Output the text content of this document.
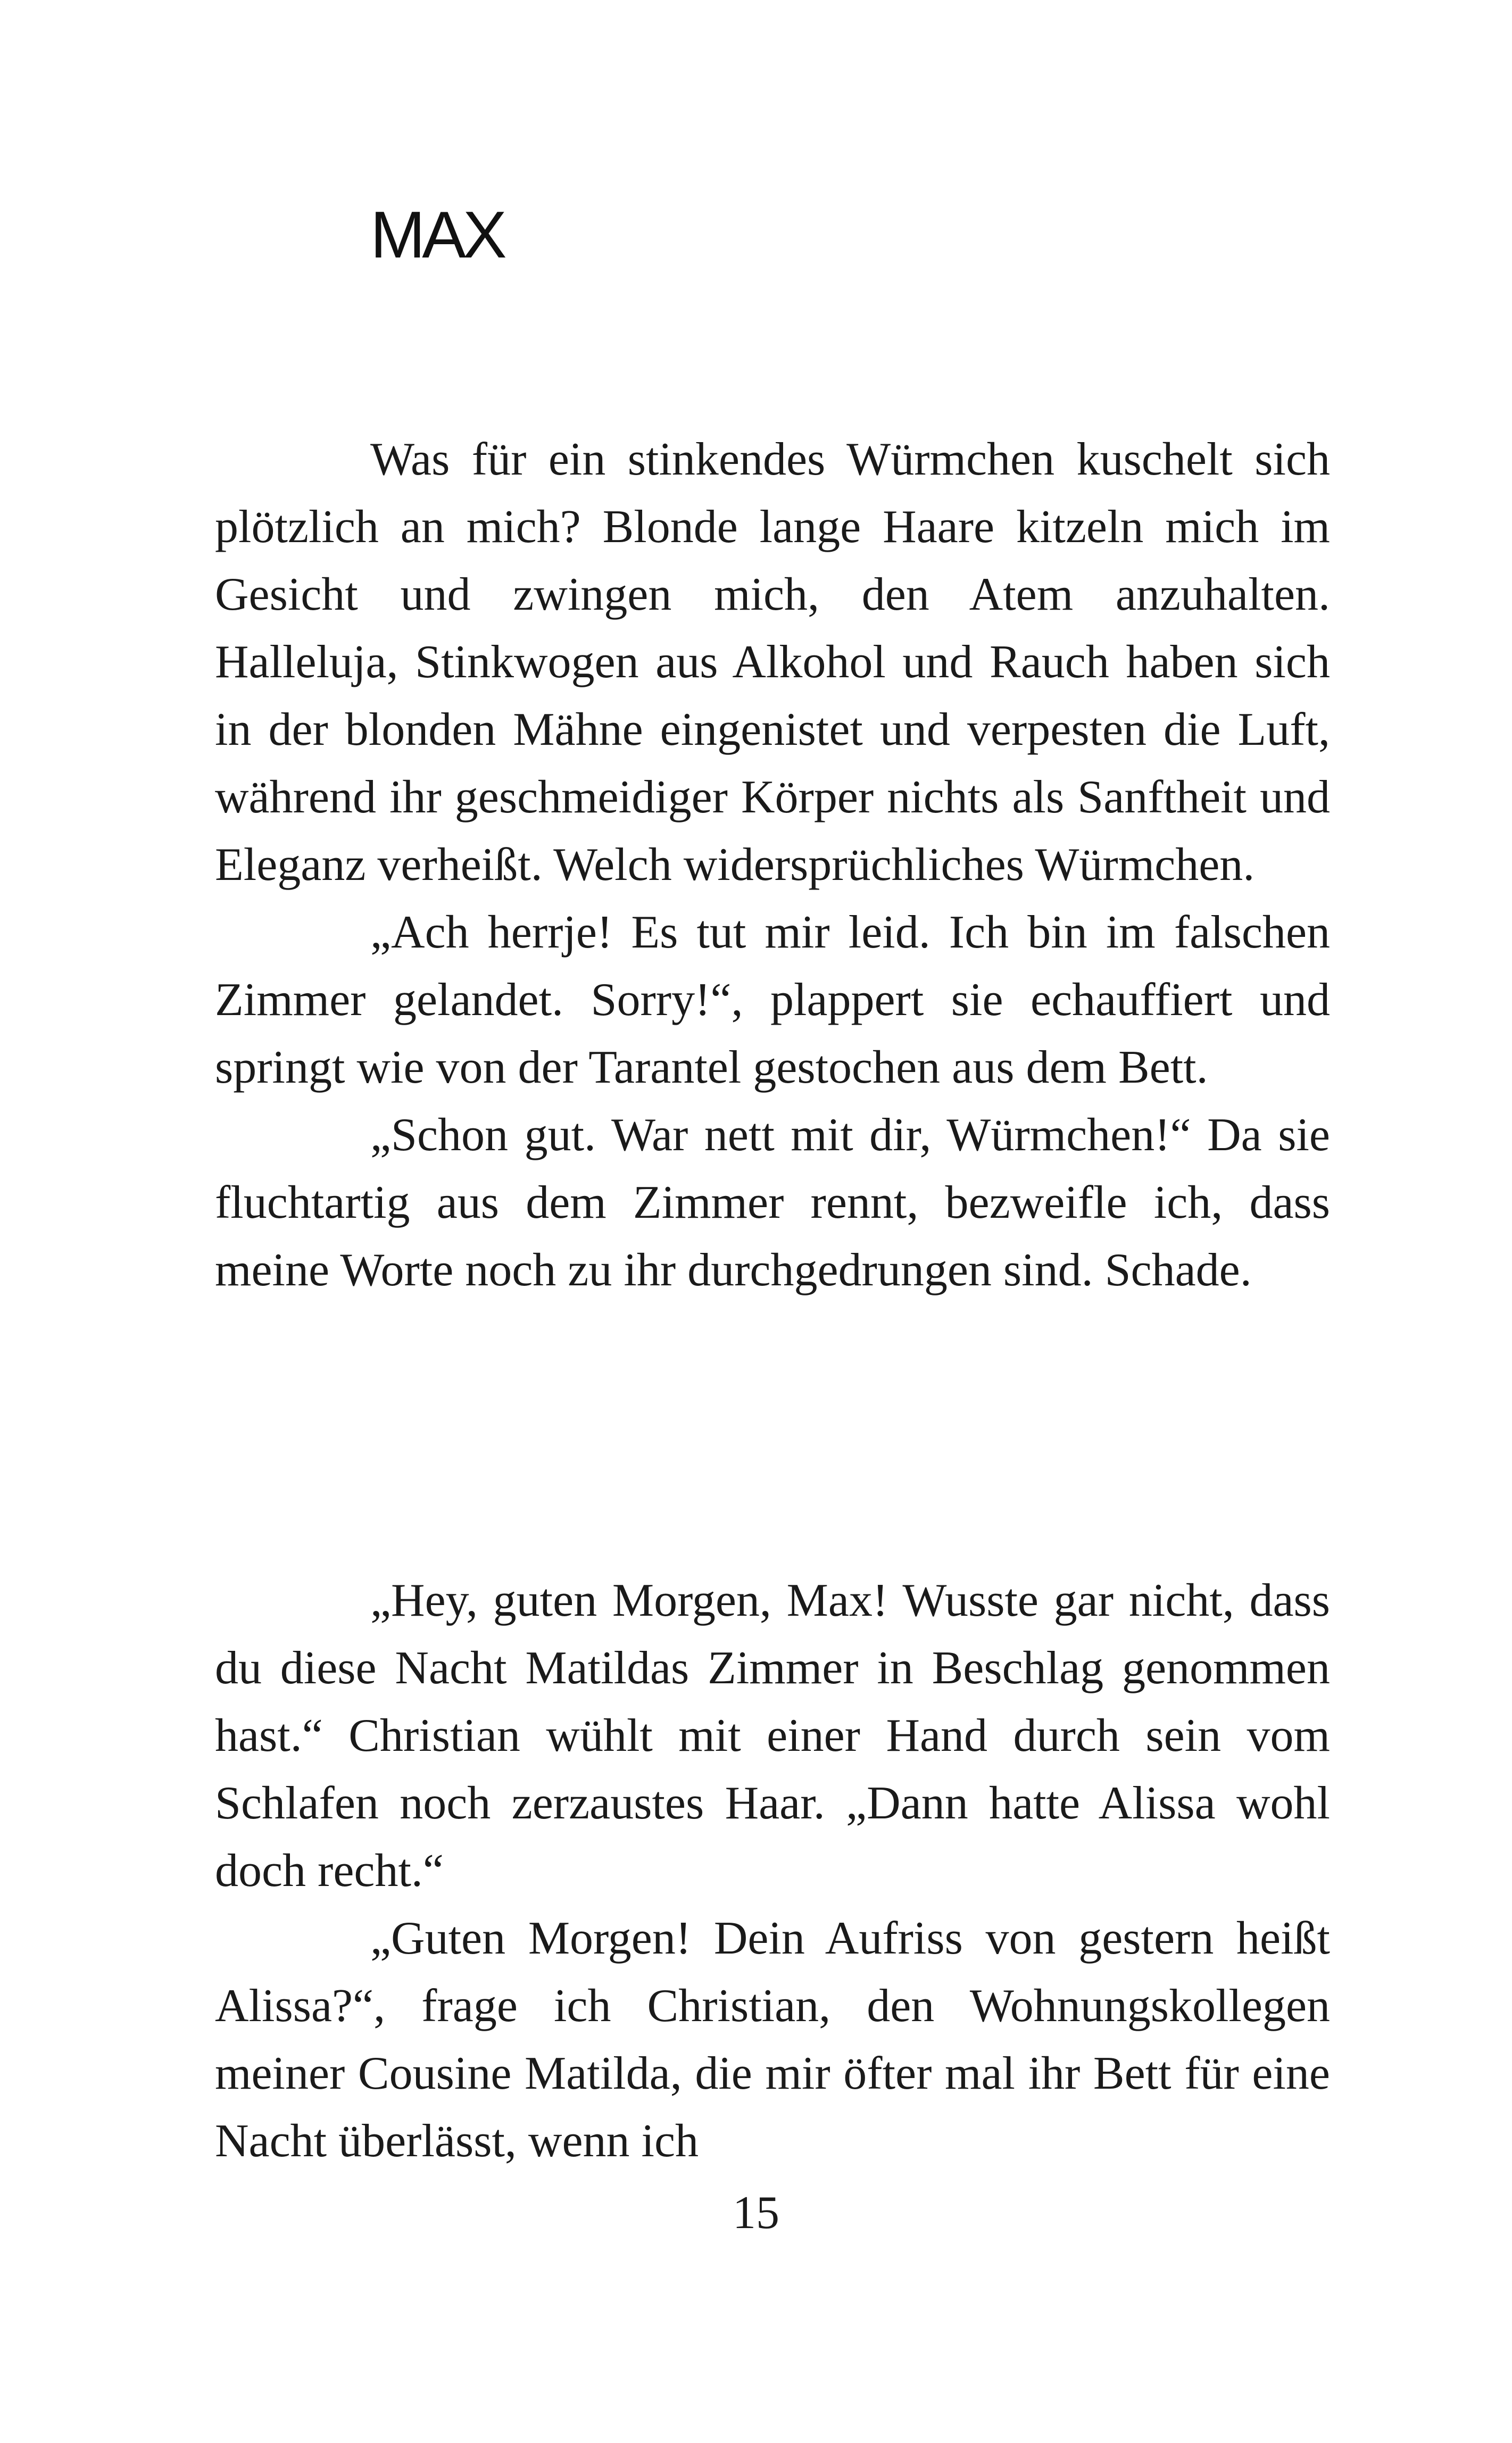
MAX

Was für ein stinkendes Würmchen kuschelt sich plötzlich an mich? Blonde lange Haare kitzeln mich im Gesicht und zwingen mich, den Atem anzuhalten. Halleluja, Stinkwogen aus Alkohol und Rauch haben sich in der blonden Mähne eingenistet und verpesten die Luft, während ihr geschmeidiger Körper nichts als Sanftheit und Eleganz verheißt. Welch widersprüchliches Würmchen.

„Ach herrje! Es tut mir leid. Ich bin im falschen Zimmer gelandet. Sorry!“, plappert sie echauffiert und springt wie von der Tarantel gestochen aus dem Bett.

„Schon gut. War nett mit dir, Würmchen!“ Da sie fluchtartig aus dem Zimmer rennt, bezweifle ich, dass meine Worte noch zu ihr durchgedrungen sind. Schade.

„Hey, guten Morgen, Max! Wusste gar nicht, dass du diese Nacht Matildas Zimmer in Beschlag genommen hast.“ Christian wühlt mit einer Hand durch sein vom Schlafen noch zerzaustes Haar. „Dann hatte Alissa wohl doch recht.“

„Guten Morgen! Dein Aufriss von gestern heißt Alissa?“, frage ich Christian, den Wohnungskollegen meiner Cousine Matilda, die mir öfter mal ihr Bett für eine Nacht überlässt, wenn ich

15
